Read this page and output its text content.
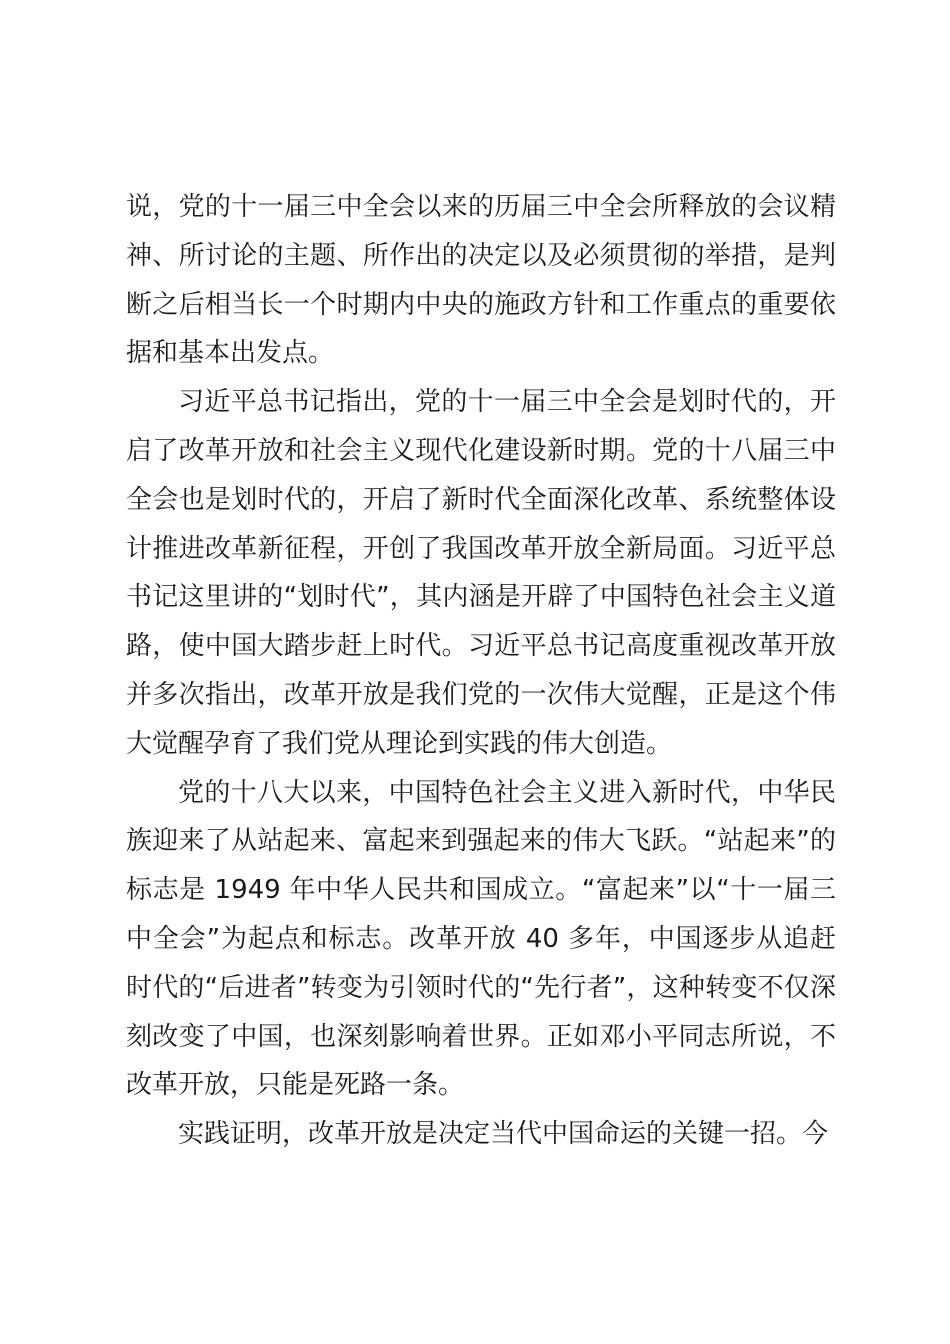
说，党的十一届三中全会以来的历届三中全会所释放的会议精神、所讨论的主题、所作出的决定以及必须贯彻的举措，是判断之后相当长一个时期内中央的施政方针和工作重点的重要依据和基本出发点。

习近平总书记指出，党的十一届三中全会是划时代的，开启了改革开放和社会主义现代化建设新时期。党的十八届三中全会也是划时代的，开启了新时代全面深化改革、系统整体设计推进改革新征程，开创了我国改革开放全新局面。习近平总书记这里讲的“划时代”，其内涵是开辟了中国特色社会主义道路，使中国大踏步赶上时代。习近平总书记高度重视改革开放并多次指出，改革开放是我们党的一次伟大觉醒，正是这个伟大觉醒孕育了我们党从理论到实践的伟大创造。

党的十八大以来，中国特色社会主义进入新时代，中华民族迎来了从站起来、富起来到强起来的伟大飞跃。“站起来”的标志是 1949 年中华人民共和国成立。“富起来”以“十一届三中全会”为起点和标志。改革开放 40 多年，中国逐步从追赶时代的“后进者”转变为引领时代的“先行者”，这种转变不仅深刻改变了中国，也深刻影响着世界。正如邓小平同志所说，不改革开放，只能是死路一条。

实践证明，改革开放是决定当代中国命运的关键一招。今
